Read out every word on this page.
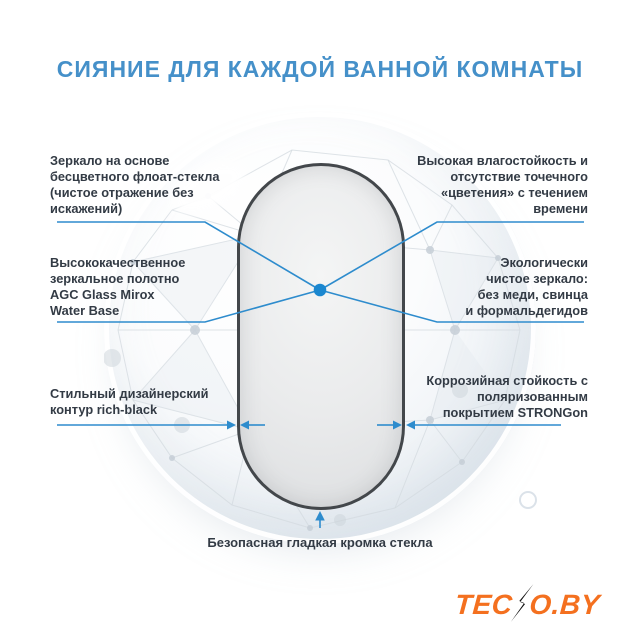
СИЯНИЕ ДЛЯ КАЖДОЙ ВАННОЙ КОМНАТЫ
Зеркало на основе
бесцветного флоат-стекла
(чистое отражение без
искажений)
Высококачественное
зеркальное полотно
AGC Glass Mirox
Water Base
Стильный дизайнерский
контур rich-black
Высокая влагостойкость и
отсутствие точечного
«цветения» с течением
времени
Экологически
чистое зеркало:
без меди, свинца
и формальдегидов
Коррозийная стойкость с
поляризованным
покрытием STRONGon
Безопасная гладкая кромка стекла
TEC O.BY
